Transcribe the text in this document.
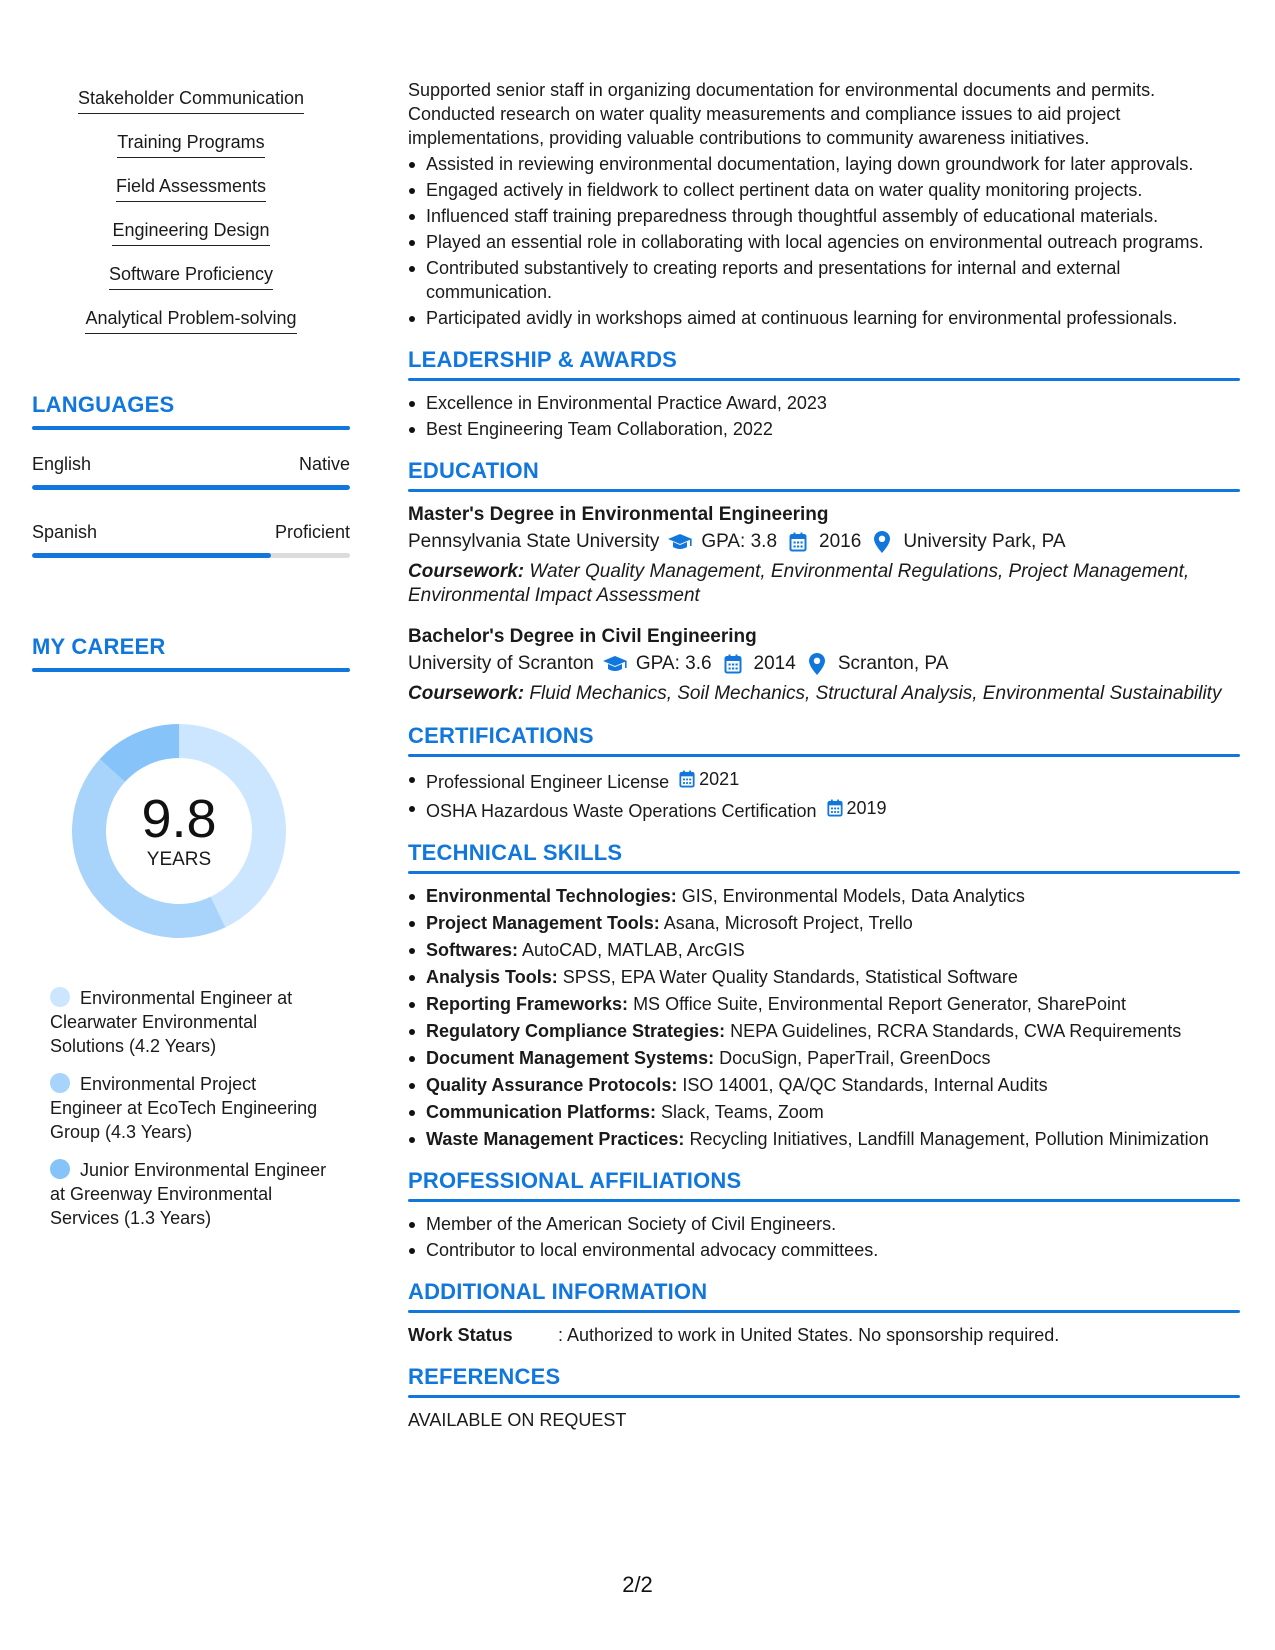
Stakeholder Communication
Training Programs
Field Assessments
Engineering Design
Software Proficiency
Analytical Problem-solving
LANGUAGES
English	Native
Spanish	Proficient
MY CAREER
9.8
YEARS
Environmental Engineer at Clearwater Environmental Solutions (4.2 Years)
Environmental Project Engineer at EcoTech Engineering Group (4.3 Years)
Junior Environmental Engineer at Greenway Environmental Services (1.3 Years)

Supported senior staff in organizing documentation for environmental documents and permits. Conducted research on water quality measurements and compliance issues to aid project implementations, providing valuable contributions to community awareness initiatives.

Assisted in reviewing environmental documentation, laying down groundwork for later approvals.
Engaged actively in fieldwork to collect pertinent data on water quality monitoring projects.
Influenced staff training preparedness through thoughtful assembly of educational materials.
Played an essential role in collaborating with local agencies on environmental outreach programs.
Contributed substantively to creating reports and presentations for internal and external communication.
Participated avidly in workshops aimed at continuous learning for environmental professionals.
LEADERSHIP & AWARDS
Excellence in Environmental Practice Award, 2023
Best Engineering Team Collaboration, 2022
EDUCATION
Master's Degree in Environmental Engineering
Pennsylvania State University GPA: 3.8 2016 University Park, PA
Coursework: Water Quality Management, Environmental Regulations, Project Management, Environmental Impact Assessment
Bachelor's Degree in Civil Engineering
University of Scranton GPA: 3.6 2014 Scranton, PA
Coursework: Fluid Mechanics, Soil Mechanics, Structural Analysis, Environmental Sustainability
CERTIFICATIONS
Professional Engineer License 2021
OSHA Hazardous Waste Operations Certification 2019
TECHNICAL SKILLS
Environmental Technologies: GIS, Environmental Models, Data Analytics
Project Management Tools: Asana, Microsoft Project, Trello
Softwares: AutoCAD, MATLAB, ArcGIS
Analysis Tools: SPSS, EPA Water Quality Standards, Statistical Software
Reporting Frameworks: MS Office Suite, Environmental Report Generator, SharePoint
Regulatory Compliance Strategies: NEPA Guidelines, RCRA Standards, CWA Requirements
Document Management Systems: DocuSign, PaperTrail, GreenDocs
Quality Assurance Protocols: ISO 14001, QA/QC Standards, Internal Audits
Communication Platforms: Slack, Teams, Zoom
Waste Management Practices: Recycling Initiatives, Landfill Management, Pollution Minimization
PROFESSIONAL AFFILIATIONS
Member of the American Society of Civil Engineers.
Contributor to local environmental advocacy committees.
ADDITIONAL INFORMATION
Work Status	: Authorized to work in United States. No sponsorship required.
REFERENCES
AVAILABLE ON REQUEST
2/2
